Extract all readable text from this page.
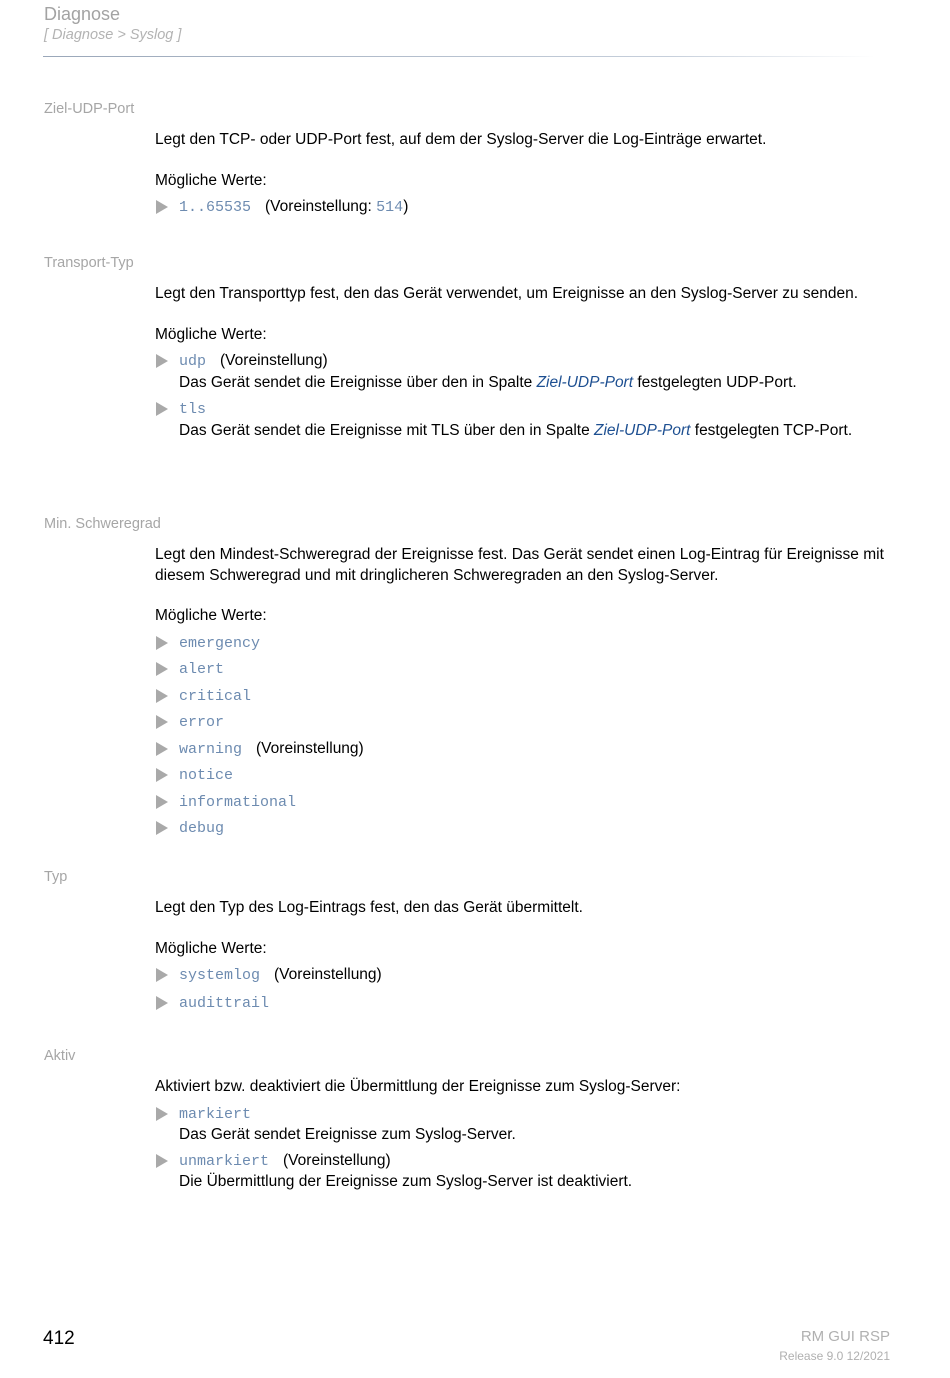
Diagnose
[ Diagnose > Syslog ]
Ziel-UDP-Port

Legt den TCP- oder UDP-Port fest, auf dem der Syslog-Server die Log-Einträge erwartet.

Mögliche Werte:

1..65535 (Voreinstellung: 514)
Transport-Typ

Legt den Transporttyp fest, den das Gerät verwendet, um Ereignisse an den Syslog-Server zu senden.

Mögliche Werte:

udp (Voreinstellung)
Das Gerät sendet die Ereignisse über den in Spalte Ziel-UDP-Port festgelegten UDP-Port.
tls
Das Gerät sendet die Ereignisse mit TLS über den in Spalte Ziel-UDP-Port festgelegten TCP-Port.
Min. Schweregrad

Legt den Mindest-Schweregrad der Ereignisse fest. Das Gerät sendet einen Log-Eintrag für Ereignisse mit diesem Schweregrad und mit dringlicheren Schweregraden an den Syslog-Server.

Mögliche Werte:

emergency
alert
critical
error
warning (Voreinstellung)
notice
informational
debug
Typ

Legt den Typ des Log-Eintrags fest, den das Gerät übermittelt.

Mögliche Werte:

systemlog (Voreinstellung)
audittrail
Aktiv

Aktiviert bzw. deaktiviert die Übermittlung der Ereignisse zum Syslog-Server:

markiert
Das Gerät sendet Ereignisse zum Syslog-Server.
unmarkiert (Voreinstellung)
Die Übermittlung der Ereignisse zum Syslog-Server ist deaktiviert.
412	RM GUI RSP
Release 9.0 12/2021
